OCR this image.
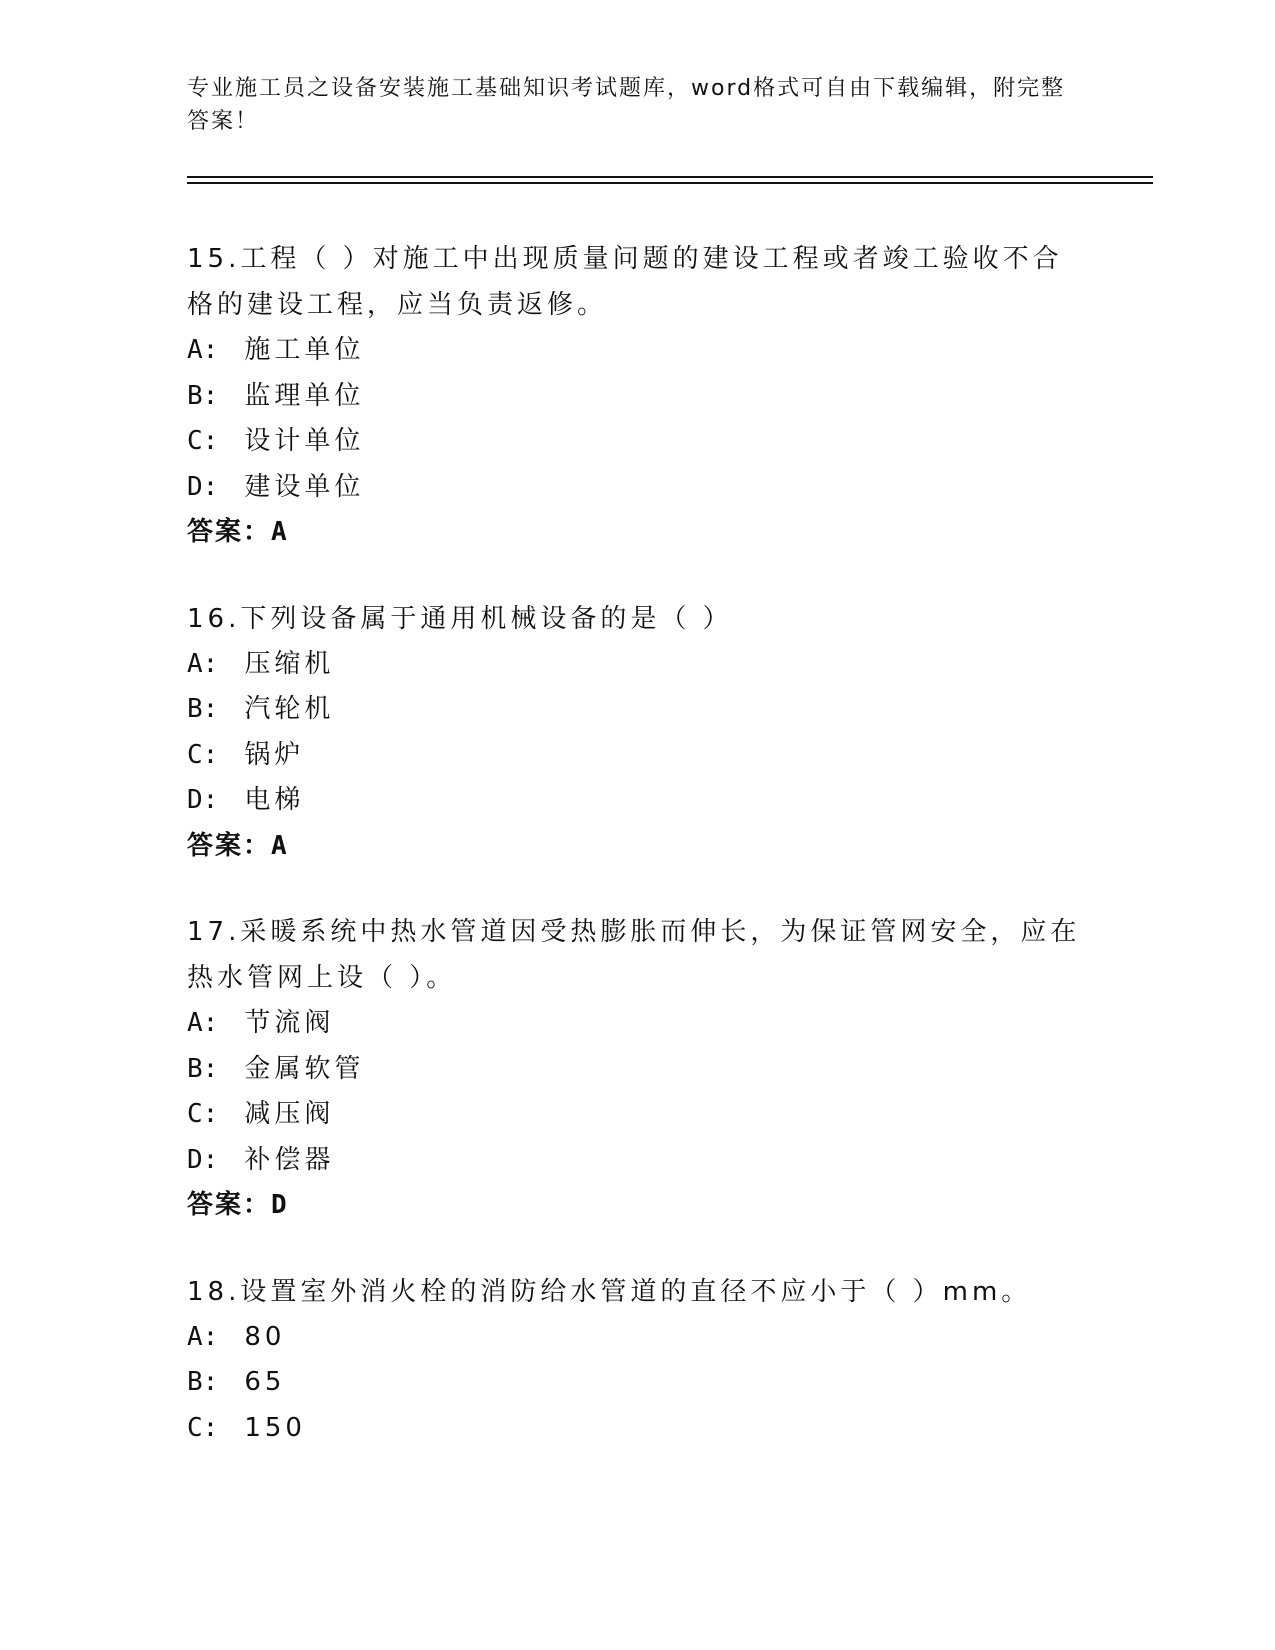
专业施工员之设备安装施工基础知识考试题库，word格式可自由下载编辑，附完整答案！
15.工程（ ）对施工中出现质量问题的建设工程或者竣工验收不合格的建设工程，应当负责返修。
A: 施工单位
B: 监理单位
C: 设计单位
D: 建设单位
答案：A
16.下列设备属于通用机械设备的是（ ）
A: 压缩机
B: 汽轮机
C: 锅炉
D: 电梯
答案：A
17.采暖系统中热水管道因受热膨胀而伸长，为保证管网安全，应在热水管网上设（ ）。
A: 节流阀
B: 金属软管
C: 减压阀
D: 补偿器
答案：D
18.设置室外消火栓的消防给水管道的直径不应小于（ ）mm。
A: 80
B: 65
C: 150
